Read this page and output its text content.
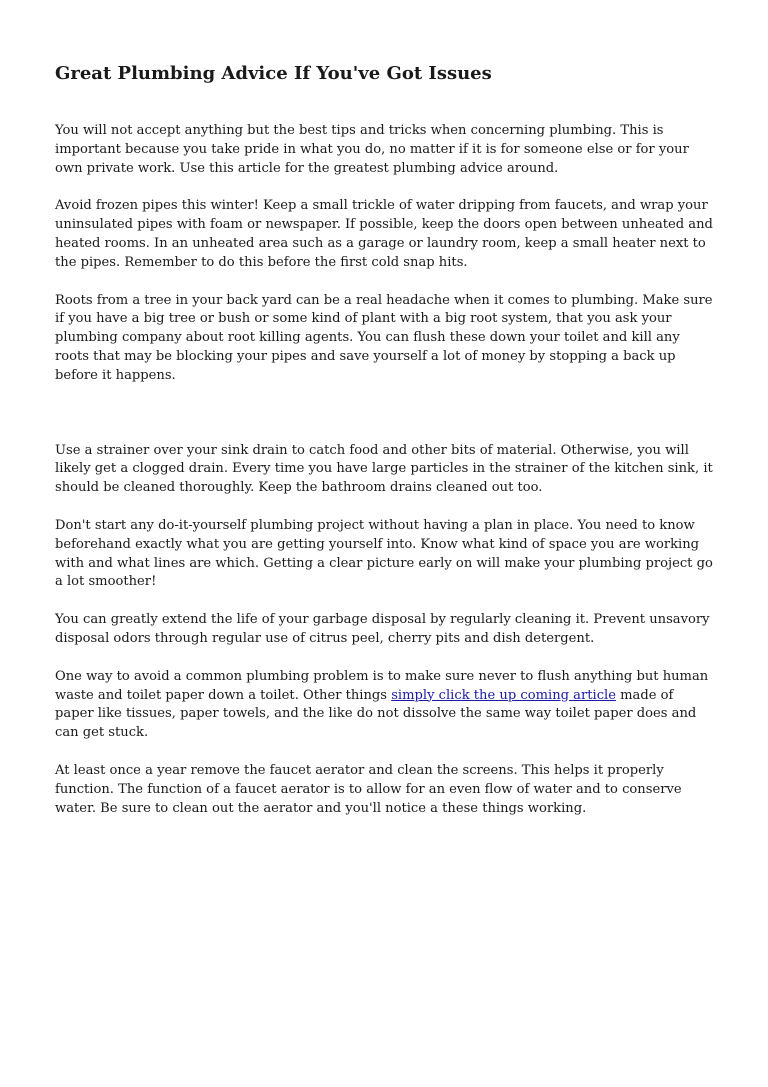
Great Plumbing Advice If You've Got Issues

You will not accept anything but the best tips and tricks when concerning plumbing. This is important because you take pride in what you do, no matter if it is for someone else or for your own private work. Use this article for the greatest plumbing advice around.

Avoid frozen pipes this winter! Keep a small trickle of water dripping from faucets, and wrap your uninsulated pipes with foam or newspaper. If possible, keep the doors open between unheated and heated rooms. In an unheated area such as a garage or laundry room, keep a small heater next to the pipes. Remember to do this before the first cold snap hits.

Roots from a tree in your back yard can be a real headache when it comes to plumbing. Make sure if you have a big tree or bush or some kind of plant with a big root system, that you ask your plumbing company about root killing agents. You can flush these down your toilet and kill any roots that may be blocking your pipes and save yourself a lot of money by stopping a back up before it happens.

Use a strainer over your sink drain to catch food and other bits of material. Otherwise, you will likely get a clogged drain. Every time you have large particles in the strainer of the kitchen sink, it should be cleaned thoroughly. Keep the bathroom drains cleaned out too.

Don't start any do-it-yourself plumbing project without having a plan in place. You need to know beforehand exactly what you are getting yourself into. Know what kind of space you are working with and what lines are which. Getting a clear picture early on will make your plumbing project go a lot smoother!

You can greatly extend the life of your garbage disposal by regularly cleaning it. Prevent unsavory disposal odors through regular use of citrus peel, cherry pits and dish detergent.

One way to avoid a common plumbing problem is to make sure never to flush anything but human waste and toilet paper down a toilet. Other things simply click the up coming article made of paper like tissues, paper towels, and the like do not dissolve the same way toilet paper does and can get stuck.

At least once a year remove the faucet aerator and clean the screens. This helps it properly function. The function of a faucet aerator is to allow for an even flow of water and to conserve water. Be sure to clean out the aerator and you'll notice a these things working.
